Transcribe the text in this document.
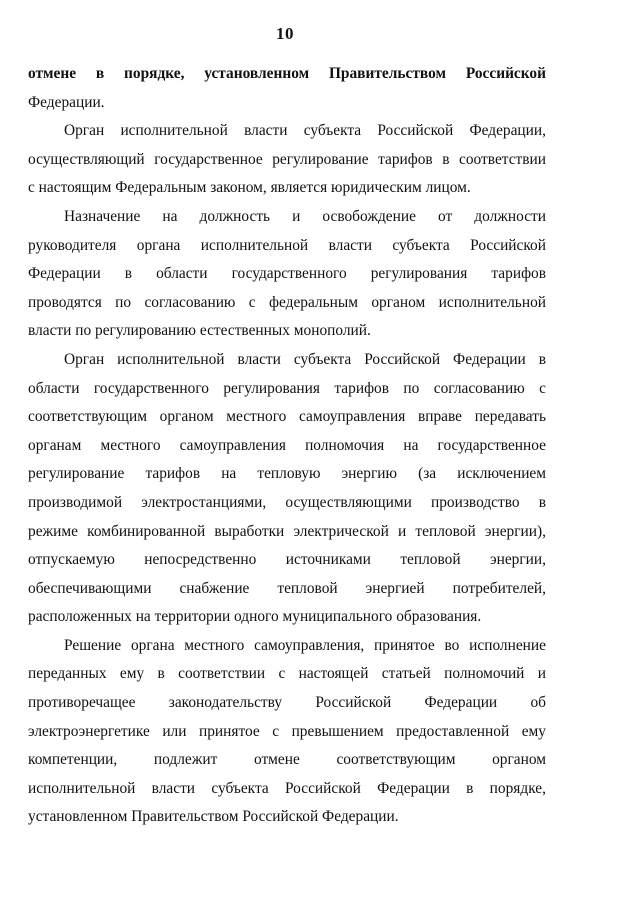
10

отмене в порядке, установленном Правительством Российской
Федерации.

Орган исполнительной власти субъекта Российской Федерации,
осуществляющий государственное регулирование тарифов в соответствии
с настоящим Федеральным законом, является юридическим лицом.

Назначение на должность и освобождение от должности
руководителя органа исполнительной власти субъекта Российской
Федерации в области государственного регулирования тарифов
проводятся по согласованию с федеральным органом исполнительной
власти по регулированию естественных монополий.

Орган исполнительной власти субъекта Российской Федерации в
области государственного регулирования тарифов по согласованию с
соответствующим органом местного самоуправления вправе передавать
органам местного самоуправления полномочия на государственное
регулирование тарифов на тепловую энергию (за исключением
производимой электростанциями, осуществляющими производство в
режиме комбинированной выработки электрической и тепловой энергии),
отпускаемую непосредственно источниками тепловой энергии,
обеспечивающими снабжение тепловой энергией потребителей,
расположенных на территории одного муниципального образования.

Решение органа местного самоуправления, принятое во исполнение
переданных ему в соответствии с настоящей статьей полномочий и
противоречащее законодательству Российской Федерации об
электроэнергетике или принятое с превышением предоставленной ему
компетенции, подлежит отмене соответствующим органом
исполнительной власти субъекта Российской Федерации в порядке,
установленном Правительством Российской Федерации.
